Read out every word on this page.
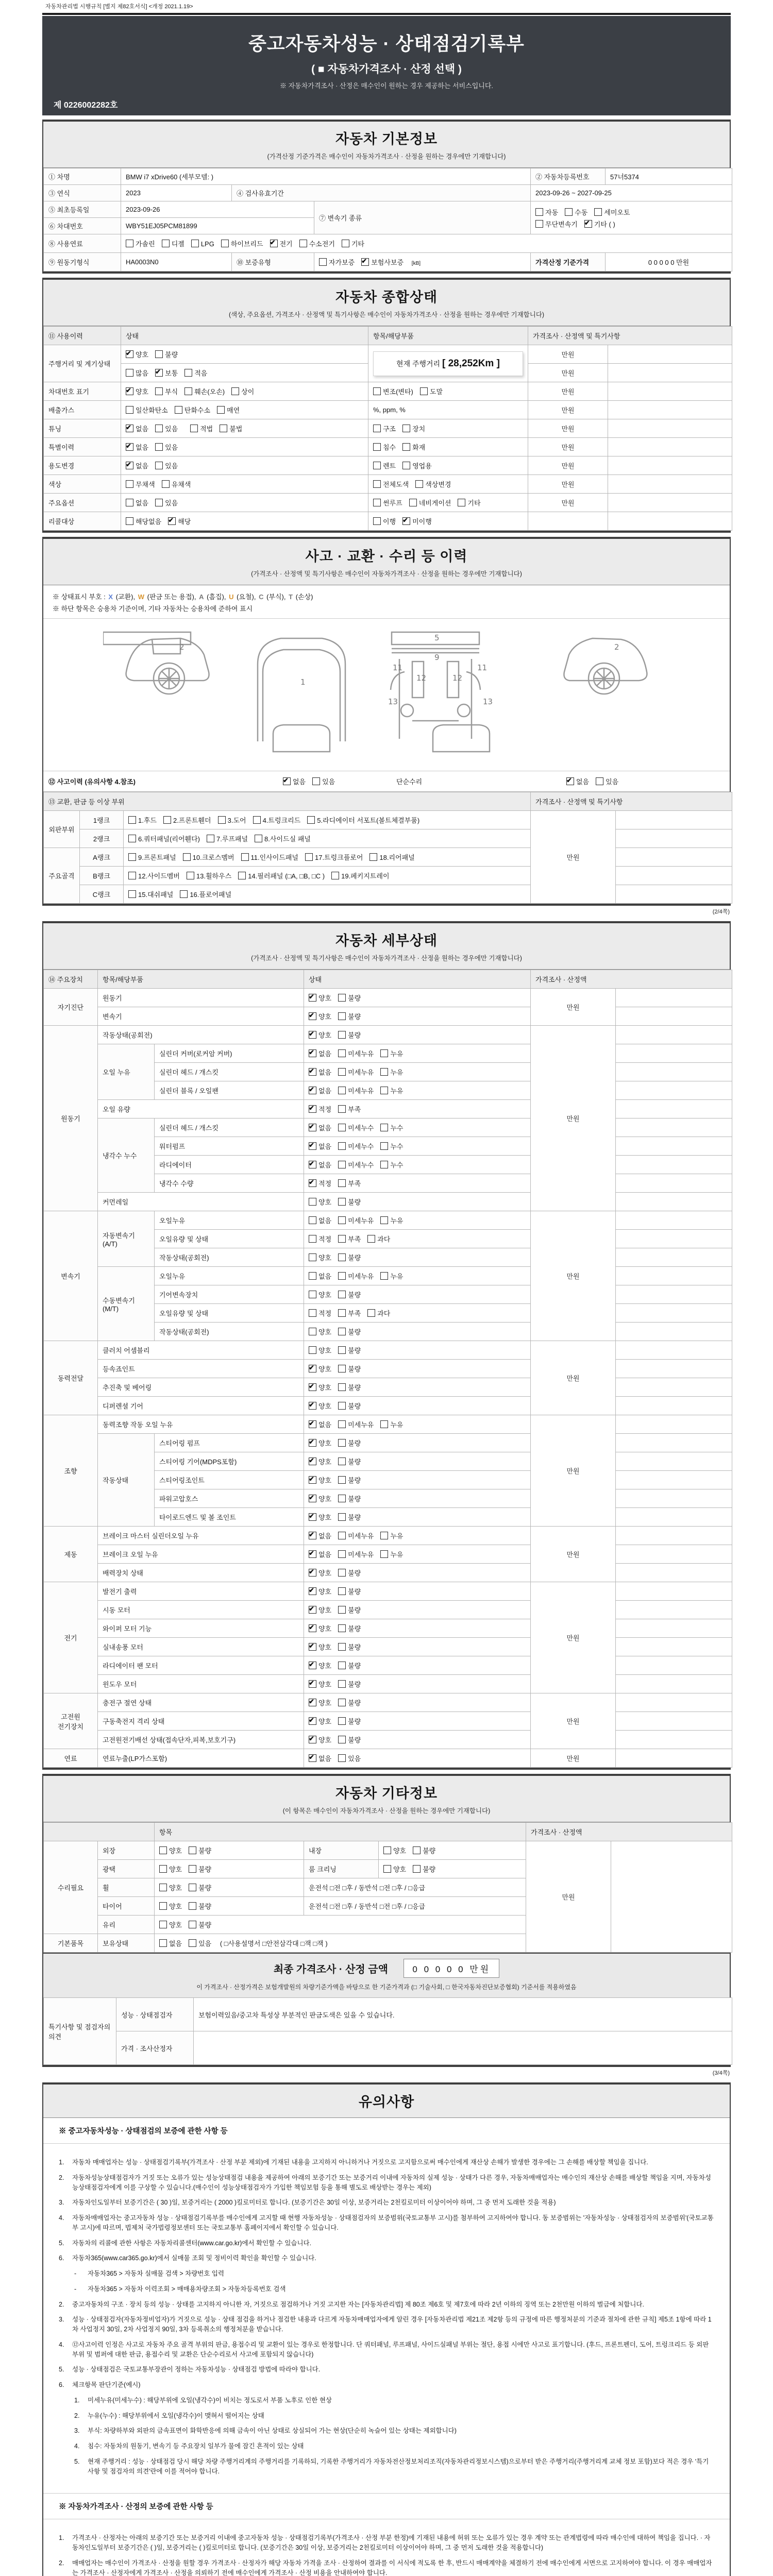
자동차관리법 시행규칙 [별지 제82호서식] <개정 2021.1.19>
중고자동차성능 · 상태점검기록부
( ■ 자동차가격조사 · 산정 선택 )
※ 자동차가격조사 · 산정은 매수인이 원하는 경우 제공하는 서비스입니다.
제 0226002282호
자동차 기본정보
(가격산정 기준가격은 매수인이 자동차가격조사 · 산정을 원하는 경우에만 기재합니다)
① 차명	BMW i7 xDrive60 (세부모델: )			② 자동차등록번호	57너5374
③ 연식	2023	④ 검사유효기간		2023-09-26 ~ 2027-09-25	
⑤ 최초등록일	2023-09-26		⑦ 변속기 종류	자동 수동 세미오토
무단변속기 ✔ 기타 ( )
⑥ 차대번호	WBY51EJ05PCM81899				
⑧ 사용연료	가솔린 디젤 LPG 하이브리드 ✔ 전기 수소전기 기타
⑨ 원동기형식	HA0003N0	⑩ 보증유형	자가보증 ✔ 보험사보증 [kB]	가격산정 기준가격	0 0 0 0 0 만원
자동차 종합상태
(색상, 주요옵션, 가격조사 · 산정액 및 특기사항은 매수인이 자동차가격조사 · 산정을 원하는 경우에만 기재합니다)
⑪ 사용이력	상태	항목/해당부품	가격조사 · 산정액 및 특기사항	
주행거리 및 계기상태	✔양호 불량	현재 주행거리 [ 28,252Km ]	만원	
	많음 ✔ 보통 적음		만원	
차대번호 표기	✔양호 부식 훼손(오손) 상이	변조(변타) 도말	만원	
배출가스	일산화탄소 탄화수소 매연	%, ppm, %	만원	
튜닝	✔없음 있음 적법 불법	구조 장치	만원	
특별이력	✔없음 있음	침수 화재	만원	
용도변경	✔없음 있음	렌트 영업용	만원	
색상	무채색 유채색	전체도색 색상변경	만원	
주요옵션	없음 있음	썬루프 네비게이션 기타	만원	
리콜대상	해당없음 ✔ 해당	이행 ✔ 미이행		
사고 · 교환 · 수리 등 이력
(가격조사 · 산정액 및 특기사항은 매수인이 자동차가격조사 · 산정을 원하는 경우에만 기재합니다)
※ 상태표시 부호 : X (교환), W (판금 또는 용접), A (흠집), U (요철), C (부식), T (손상)
※ 하단 항목은 승용차 기준이며, 기타 자동차는 승용차에 준하여 표시
2
1
5
9
11	11
12	12
13	13
2
⑫ 사고이력 (유의사항 4.참조) ✔	없음 있음	단순수리 ✔	없음 있음
⑬ 교환, 판금 등 이상 부위			가격조사 · 산정액 및 특기사항	
외판부위	1랭크	1.후드 2.프론트휀더 3.도어 4.트렁크리드 5.라디에이터 서포트(볼트체결부품)	만원	
	2랭크	6.쿼터패널(리어휀다) 7.루프패널 8.사이드실 패널		
주요골격	A랭크	9.프론트패널 10.크로스멤버 11.인사이드패널 17.트렁크플로어 18.리어패널		
	B랭크	12.사이드멤버 13.휠하우스 14.필러패널 (□A, □B, □C ) 19.페키지트레이		
	C랭크	15.대쉬패널 16.플로어패널		
(2/4쪽)
자동차 세부상태
(가격조사 · 산정액 및 특기사항은 매수인이 자동차가격조사 · 산정을 원하는 경우에만 기재합니다)
⑭ 주요장치	항목/해당부품		상태	가격조사 · 산정액	
자기진단	원동기	✔양호 불량	만원	
	변속기	✔양호 불량	
원동기	작동상태(공회전)	✔양호 불량	만원	
	오일 누유	실린더 커버(로커암 커버)	✔없음 미세누유 누유	
		실린더 헤드 / 개스킷	✔없음 미세누유 누유	
		실린더 블록 / 오일팬	✔없음 미세누유 누유	
	오일 유량	✔적정 부족	
	냉각수 누수	실린더 헤드 / 개스킷	✔없음 미세누수 누수	
		워터펌프	✔없음 미세누수 누수	
		라디에이터	✔없음 미세누수 누수	
		냉각수 수량	✔적정 부족	
	커먼레일		양호 불량		
변속기	자동변속기 (A/T)	오일누유	없음 미세누유 누유	만원	
		오일유량 및 상태	적정 부족 과다		
		작동상태(공회전)	양호 불량		
	수동변속기 (M/T)	오일누유	없음 미세누유 누유		
		기어변속장치	양호 불량		
		오일유량 및 상태	적정 부족 과다		
		작동상태(공회전)	양호 불량		
동력전달	클러치 어셈블리		양호 불량	만원	
	등속죠인트	✔양호 불량	
	추진축 및 베어링	✔양호 불량	
	디퍼렌셜 기어	✔양호 불량	
조향	동력조향 작동 오일 누유	✔없음 미세누유 누유	만원	
	작동상태	스티어링 펌프	✔양호 불량	
		스티어링 기어(MDPS포함)	✔양호 불량	
		스티어링조인트	✔양호 불량	
		파워고압호스	✔양호 불량	
		타이로드엔드 및 볼 조인트	✔양호 불량	
제동	브레이크 마스터 실린더오일 누유	✔없음 미세누유 누유	만원	
	브레이크 오일 누유	✔없음 미세누유 누유	
	배력장치 상태	✔양호 불량	
전기	발전기 출력	✔양호 불량	만원	
	시동 모터	✔양호 불량	
	와이퍼 모터 기능	✔양호 불량	
	실내송풍 모터	✔양호 불량	
	라디에이터 팬 모터	✔양호 불량	
	윈도우 모터	✔양호 불량	
고전원 전기장치	충전구 절연 상태	✔양호 불량	만원	
	구동축전지 격리 상태	✔양호 불량	
	고전원전기배선 상태(접속단자,피복,보호기구)	✔양호 불량	
연료	연료누출(LP가스포함)	✔없음 있음	만원	
자동차 기타정보
(이 항목은 매수인이 자동차가격조사 · 산정을 원하는 경우에만 기재합니다)
		항목			가격조사 · 산정액	
수리필요	외장	양호 불량	내장	양호 불량	만원	
	광택	양호 불량	룸 크리닝	양호 불량		
	휠	양호 불량	운전석 □전 □후 / 동반석 □전 □후 / □응급			
	타이어	양호 불량	운전석 □전 □후 / 동반석 □전 □후 / □응급			
	유리	양호 불량				
기본품목	보유상태	없음 있음 ( □사용설명서 □안전삼각대 □잭 □잭 )				
최종 가격조사 · 산정 금액	0 0 0 0 0 만원
이 가격조사 · 산정가격은 보험개발원의 차량기준가액을 바탕으로 한 기준가격과 (□ 기술사회, □ 한국자동차진단보증협회) 기준서를 적용하였음
특기사항 및 점검자의 의견	성능 · 상태점검자	보험이력있음/중고차 특성상 부분적인 판금도색은 있을 수 있습니다.
	가격 · 조사산정자	
(3/4쪽)
유의사항
※ 중고자동차성능 · 상태점검의 보증에 관한 사항 등
1.	자동차 매매업자는 성능 · 상태점검기록부(가격조사 · 산정 부분 제외)에 기재된 내용을 고지하지 아니하거나 거짓으로 고지함으로써 매수인에게 재산상 손해가 발생한 경우에는 그 손해를 배상할 책임을 집니다.
2.	자동차성능상태점검자가 거짓 또는 오류가 있는 성능상태점검 내용을 제공하여 아래의 보증기간 또는 보증거리 이내에 자동차의 실제 성능 · 상태가 다른 경우, 자동차매매업자는 매수인의 재산상 손해를 배상할 책임을 지며, 자동차성능상태점검자에게 이를 구상할 수 있습니다.(매수인이 성능상태점검자가 가입한 책임보험 등을 통해 별도로 배상받는 경우는 제외)
3.	자동차인도일부터 보증기간은 ( 30 )일, 보증거리는 ( 2000 )킬로미터로 합니다. (보증기간은 30일 이상, 보증거리는 2천킬로미터 이상이어야 하며, 그 중 먼저 도래한 것을 적용)
4.	자동차매매업자는 중고자동차 성능 · 상태점검기록부를 매수인에게 고지할 때 현행 자동차성능 · 상태점검자의 보증범위(국토교통부 고시)를 첨부하여 고지하여야 합니다. 동 보증범위는 '자동차성능 · 상태점검자의 보증범위'(국토교통부 고시)에 따르며, 법제처 국가법령정보센터 또는 국토교통부 홈페이지에서 확인할 수 있습니다.
5.	자동차의 리콜에 관한 사항은 자동차리콜센터(www.car.go.kr)에서 확인할 수 있습니다.
6.	자동차365(www.car365.go.kr)에서 실매물 조회 및 정비이력 확인을 확인할 수 있습니다.
-	자동차365 > 자동차 실매물 검색 > 차량번호 입력
-	자동차365 > 자동차 이력조회 > 매매용차량조회 > 자동차등록번호 검색
2.	중고자동차의 구조 · 장치 등의 성능 · 상태를 고지하지 아니한 자, 거짓으로 점검하거나 거짓 고지한 자는 [자동차관리법] 제 80조 제6호 및 제7호에 따라 2년 이하의 징역 또는 2천만원 이하의 벌금에 처합니다.
3.	성능 · 상태점검자(자동차정비업자)가 거짓으로 성능 · 상태 점검을 하거나 점검한 내용과 다르게 자동차매매업자에게 알린 경우 [자동차관리법 제21조 제2항 등의 규정에 따른 행정처분의 기준과 절차에 관한 규칙] 제5조 1항에 따라 1차 사업정지 30일, 2차 사업정지 90일, 3차 등록취소의 행정처분을 받습니다.
4.	⑫사고이력 인정은 사고로 자동차 주요 골격 부위의 판금, 용접수리 및 교환이 있는 경우로 한정합니다. 단 쿼터패널, 루프패널, 사이드실패널 부위는 절단, 용접 시에만 사고로 표기합니다. (후드, 프론트펜더, 도어, 트렁크리드 등 외판 부위 및 범퍼에 대한 판금, 용접수리 및 교환은 단순수리로서 사고에 포함되지 않습니다)
5.	성능 · 상태점검은 국토교통부장관이 정하는 자동차성능 · 상태점검 방법에 따라야 합니다.
6.	체크항목 판단기준(예시)
1.	미세누유(미세누수) : 해당부위에 오일(냉각수)이 비치는 정도로서 부품 노후로 인한 현상
2.	누유(누수) : 해당부위에서 오일(냉각수)이 맺혀서 떨어지는 상태
3.	부식: 차량하부와 외판의 금속표면이 화학반응에 의해 금속이 아닌 상태로 상실되어 가는 현상(단순히 녹슬어 있는 상태는 제외합니다)
4.	침수: 자동차의 원동기, 변속기 등 주요장치 일부가 물에 잠긴 흔적이 있는 상태
5.	현재 주행거리 : 성능 · 상태점검 당시 해당 차량 주행거리계의 주행거리를 기록하되, 기록한 주행거리가 자동차전산정보처리조직(자동차관리정보시스템)으로부터 받은 주행거리(주행거리계 교체 정보 포함)보다 적은 경우 '특기사항 및 점검자의 의견'란에 이를 적어야 합니다.
※ 자동차가격조사 · 산정의 보증에 관한 사항 등
1.	가격조사 · 산정자는 아래의 보증기간 또는 보증거리 이내에 중고자동차 성능 · 상태점검기록부(가격조사 · 산정 부분 한정)에 기재된 내용에 허위 또는 오류가 있는 경우 계약 또는 관계법령에 따라 매수인에 대하여 책임을 집니다. · 자동차인도일부터 보증기간은 ( )일, 보증거리는 ( )킬로미터로 합니다. (보증기간은 30일 이상, 보증거리는 2천킬로미터 이상이어야 하며, 그 중 먼저 도래한 것을 적용합니다)
2.	매매업자는 매수인이 가격조사 · 산정을 원할 경우 가격조사 · 산정자가 해당 자동차 가격을 조사 · 산정하여 결과를 이 서식에 적도록 한 후, 반드시 매매계약을 체결하기 전에 매수인에게 서면으로 고지하여야 합니다. 이 경우 매매업자는 가격조사 · 산정자에게 가격조사 · 산정을 의뢰하기 전에 매수인에게 가격조사 · 산정 비용을 안내하여야 합니다.
